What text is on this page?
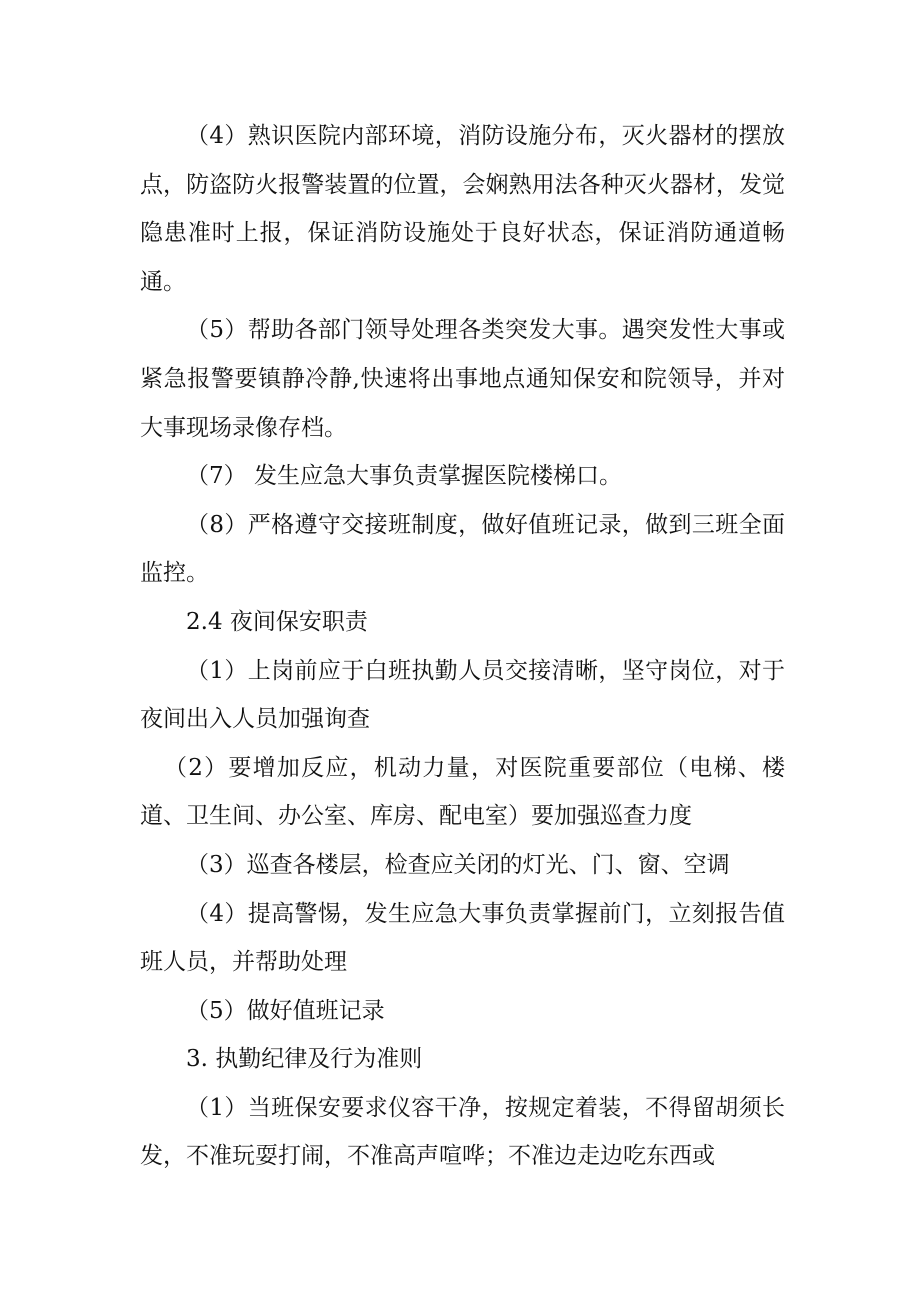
（4）熟识医院内部环境，消防设施分布，灭火器材的摆放点，防盗防火报警装置的位置，会娴熟用法各种灭火器材，发觉隐患准时上报，保证消防设施处于良好状态，保证消防通道畅通。

（5）帮助各部门领导处理各类突发大事。遇突发性大事或紧急报警要镇静冷静,快速将出事地点通知保安和院领导，并对大事现场录像存档。

（7） 发生应急大事负责掌握医院楼梯口。

（8）严格遵守交接班制度，做好值班记录，做到三班全面监控。

2.4 夜间保安职责

（1）上岗前应于白班执勤人员交接清晰，坚守岗位，对于夜间出入人员加强询查

（2）要增加反应，机动力量，对医院重要部位（电梯、楼道、卫生间、办公室、库房、配电室）要加强巡查力度

（3）巡查各楼层，检查应关闭的灯光、门、窗、空调

（4）提高警惕，发生应急大事负责掌握前门，立刻报告值班人员，并帮助处理

（5）做好值班记录

3. 执勤纪律及行为准则

（1）当班保安要求仪容干净，按规定着装，不得留胡须长发，不准玩耍打闹，不准高声喧哗；不准边走边吃东西或
